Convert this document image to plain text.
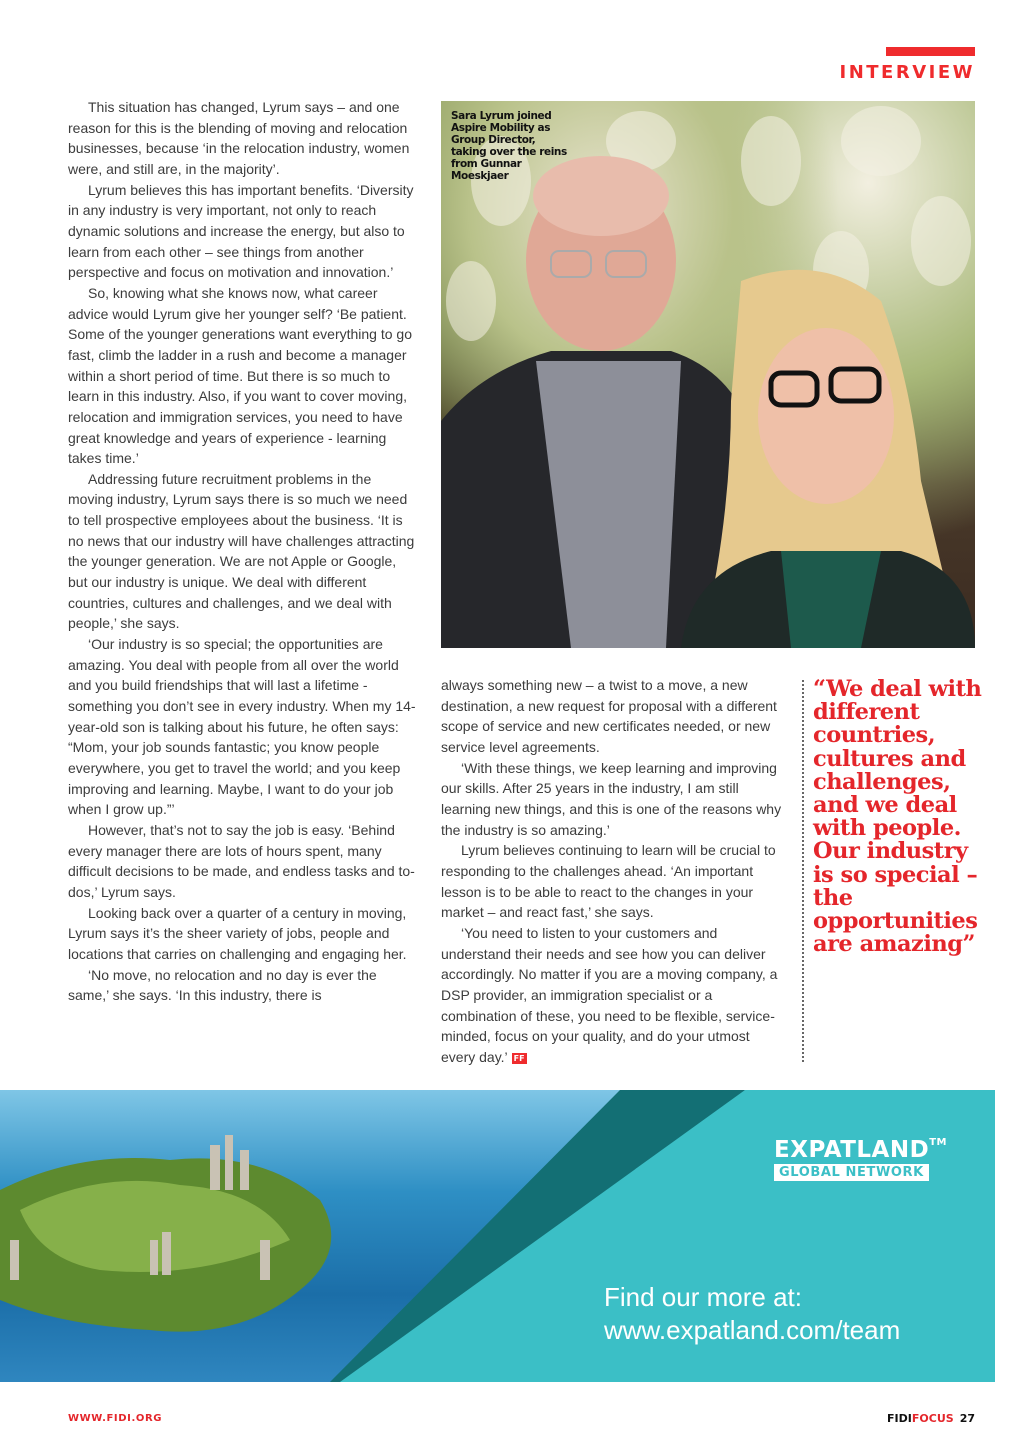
INTERVIEW

This situation has changed, Lyrum says – and one reason for this is the blending of moving and relocation businesses, because ‘in the relocation industry, women were, and still are, in the majority’.

Lyrum believes this has important benefits. ‘Diversity in any industry is very important, not only to reach dynamic solutions and increase the energy, but also to learn from each other – see things from another perspective and focus on motivation and innovation.’

So, knowing what she knows now, what career advice would Lyrum give her younger self? ‘Be patient. Some of the younger generations want everything to go fast, climb the ladder in a rush and become a manager within a short period of time. But there is so much to learn in this industry. Also, if you want to cover moving, relocation and immigration services, you need to have great knowledge and years of experience - learning takes time.’

Addressing future recruitment problems in the moving industry, Lyrum says there is so much we need to tell prospective employees about the business. ‘It is no news that our industry will have challenges attracting the younger generation. We are not Apple or Google, but our industry is unique. We deal with different countries, cultures and challenges, and we deal with people,’ she says.

‘Our industry is so special; the opportunities are amazing. You deal with people from all over the world and you build friendships that will last a lifetime - something you don’t see in every industry. When my 14-year-old son is talking about his future, he often says: “Mom, your job sounds fantastic; you know people everywhere, you get to travel the world; and you keep improving and learning. Maybe, I want to do your job when I grow up.”’

However, that’s not to say the job is easy. ‘Behind every manager there are lots of hours spent, many difficult decisions to be made, and endless tasks and to-dos,’ Lyrum says.

Looking back over a quarter of a century in moving, Lyrum says it’s the sheer variety of jobs, people and locations that carries on challenging and engaging her.

‘No move, no relocation and no day is ever the same,’ she says. ‘In this industry, there is

Sara Lyrum joined Aspire Mobility as Group Director, taking over the reins from Gunnar Moeskjaer

always something new – a twist to a move, a new destination, a new request for proposal with a different scope of service and new certificates needed, or new service level agreements.

‘With these things, we keep learning and improving our skills. After 25 years in the industry, I am still learning new things, and this is one of the reasons why the industry is so amazing.’

Lyrum believes continuing to learn will be crucial to responding to the challenges ahead. ‘An important lesson is to be able to react to the changes in your market – and react fast,’ she says.

‘You need to listen to your customers and understand their needs and see how you can deliver accordingly. No matter if you are a moving company, a DSP provider, an immigration specialist or a combination of these, you need to be flexible, service-minded, focus on your quality, and do your utmost every day.’ FF

“We deal with different countries, cultures and challenges, and we deal with people. Our industry is so special – the opportunities are amazing”
EXPATLAND™
GLOBAL NETWORK
Find our more at:
www.expatland.com/team
WWW.FIDI.ORG	FIDIFOCUS 27
